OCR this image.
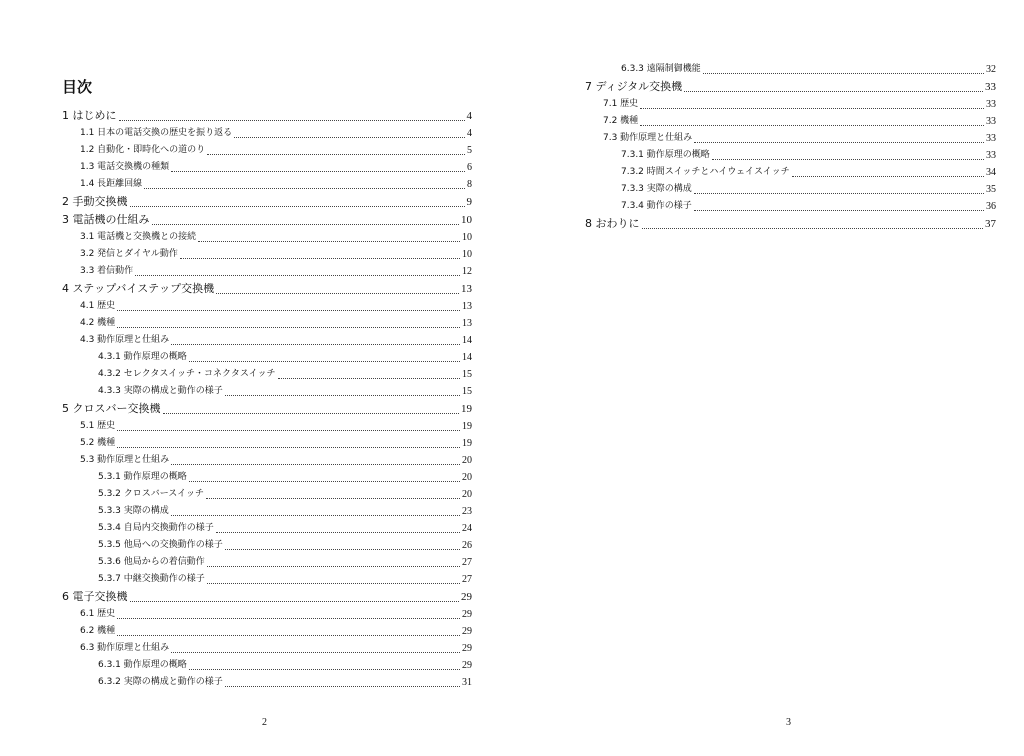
目次
1 はじめに	4
1.1 日本の電話交換の歴史を振り返る	4
1.2 自動化・即時化への道のり	5
1.3 電話交換機の種類	6
1.4 長距離回線	8
2 手動交換機	9
3 電話機の仕組み	10
3.1 電話機と交換機との接続	10
3.2 発信とダイヤル動作	10
3.3 着信動作	12
4 ステップバイステップ交換機	13
4.1 歴史	13
4.2 機種	13
4.3 動作原理と仕組み	14
4.3.1 動作原理の概略	14
4.3.2 セレクタスイッチ・コネクタスイッチ	15
4.3.3 実際の構成と動作の様子	15
5 クロスバー交換機	19
5.1 歴史	19
5.2 機種	19
5.3 動作原理と仕組み	20
5.3.1 動作原理の概略	20
5.3.2 クロスバースイッチ	20
5.3.3 実際の構成	23
5.3.4 自局内交換動作の様子	24
5.3.5 他局への交換動作の様子	26
5.3.6 他局からの着信動作	27
5.3.7 中継交換動作の様子	27
6 電子交換機	29
6.1 歴史	29
6.2 機種	29
6.3 動作原理と仕組み	29
6.3.1 動作原理の概略	29
6.3.2 実際の構成と動作の様子	31
2
6.3.3 遠隔制御機能	32
7 ディジタル交換機	33
7.1 歴史	33
7.2 機種	33
7.3 動作原理と仕組み	33
7.3.1 動作原理の概略	33
7.3.2 時間スイッチとハイウェイスイッチ	34
7.3.3 実際の構成	35
7.3.4 動作の様子	36
8 おわりに	37
3
